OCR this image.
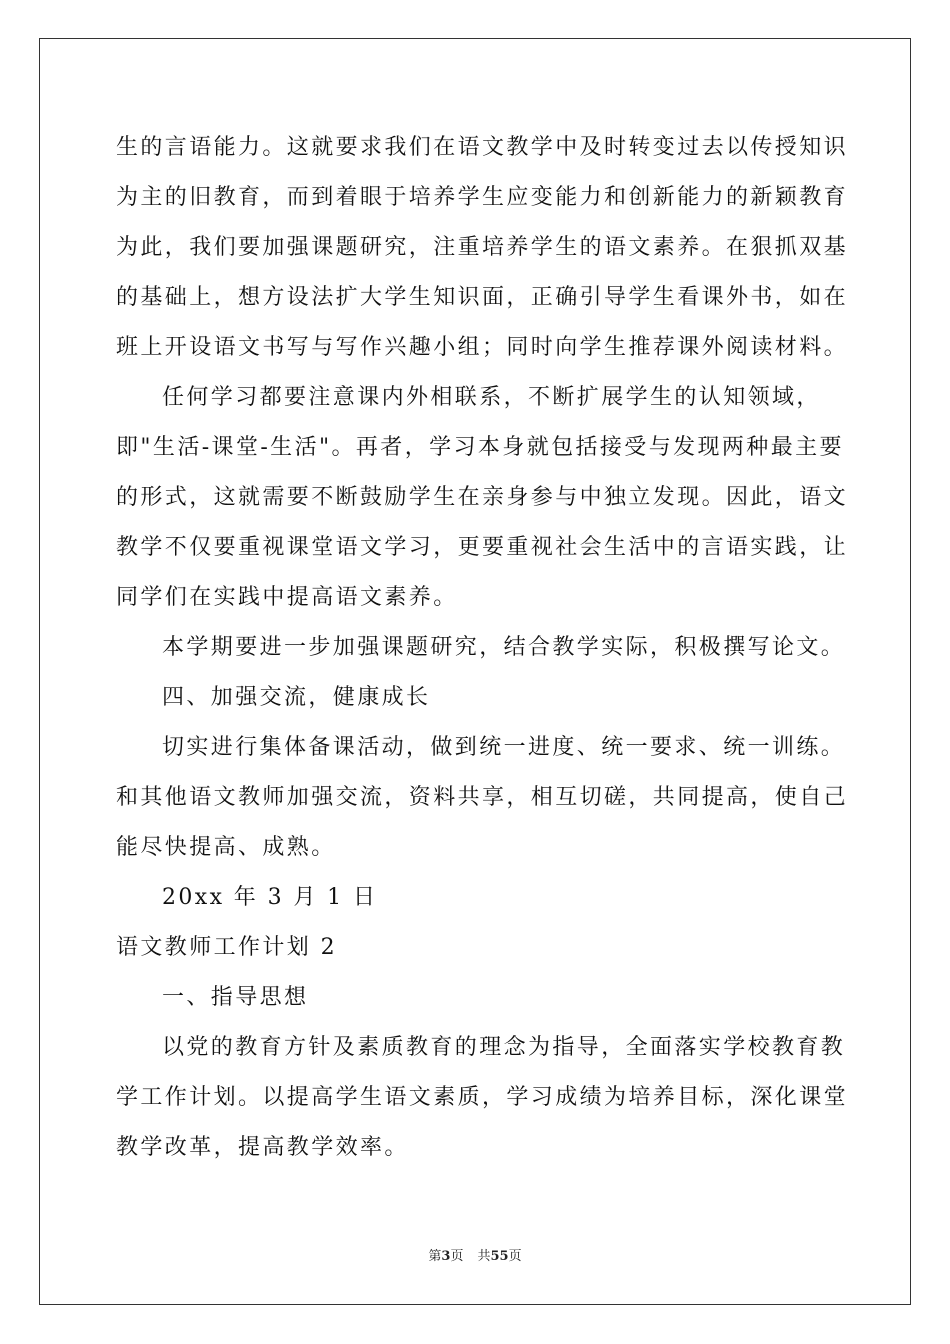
生的言语能力。这就要求我们在语文教学中及时转变过去以传授知识
为主的旧教育，而到着眼于培养学生应变能力和创新能力的新颖教育
为此，我们要加强课题研究，注重培养学生的语文素养。在狠抓双基
的基础上，想方设法扩大学生知识面，正确引导学生看课外书，如在
班上开设语文书写与写作兴趣小组；同时向学生推荐课外阅读材料。
任何学习都要注意课内外相联系，不断扩展学生的认知领域，
即"生活-课堂-生活"。再者，学习本身就包括接受与发现两种最主要
的形式，这就需要不断鼓励学生在亲身参与中独立发现。因此，语文
教学不仅要重视课堂语文学习，更要重视社会生活中的言语实践，让
同学们在实践中提高语文素养。
本学期要进一步加强课题研究，结合教学实际，积极撰写论文。
四、加强交流，健康成长
切实进行集体备课活动，做到统一进度、统一要求、统一训练。
和其他语文教师加强交流，资料共享，相互切磋，共同提高，使自己
能尽快提高、成熟。
20xx 年 3 月 1 日
语文教师工作计划 2
一、指导思想
以党的教育方针及素质教育的理念为指导，全面落实学校教育教
学工作计划。以提高学生语文素质，学习成绩为培养目标，深化课堂
教学改革，提高教学效率。
第3页 共55页
